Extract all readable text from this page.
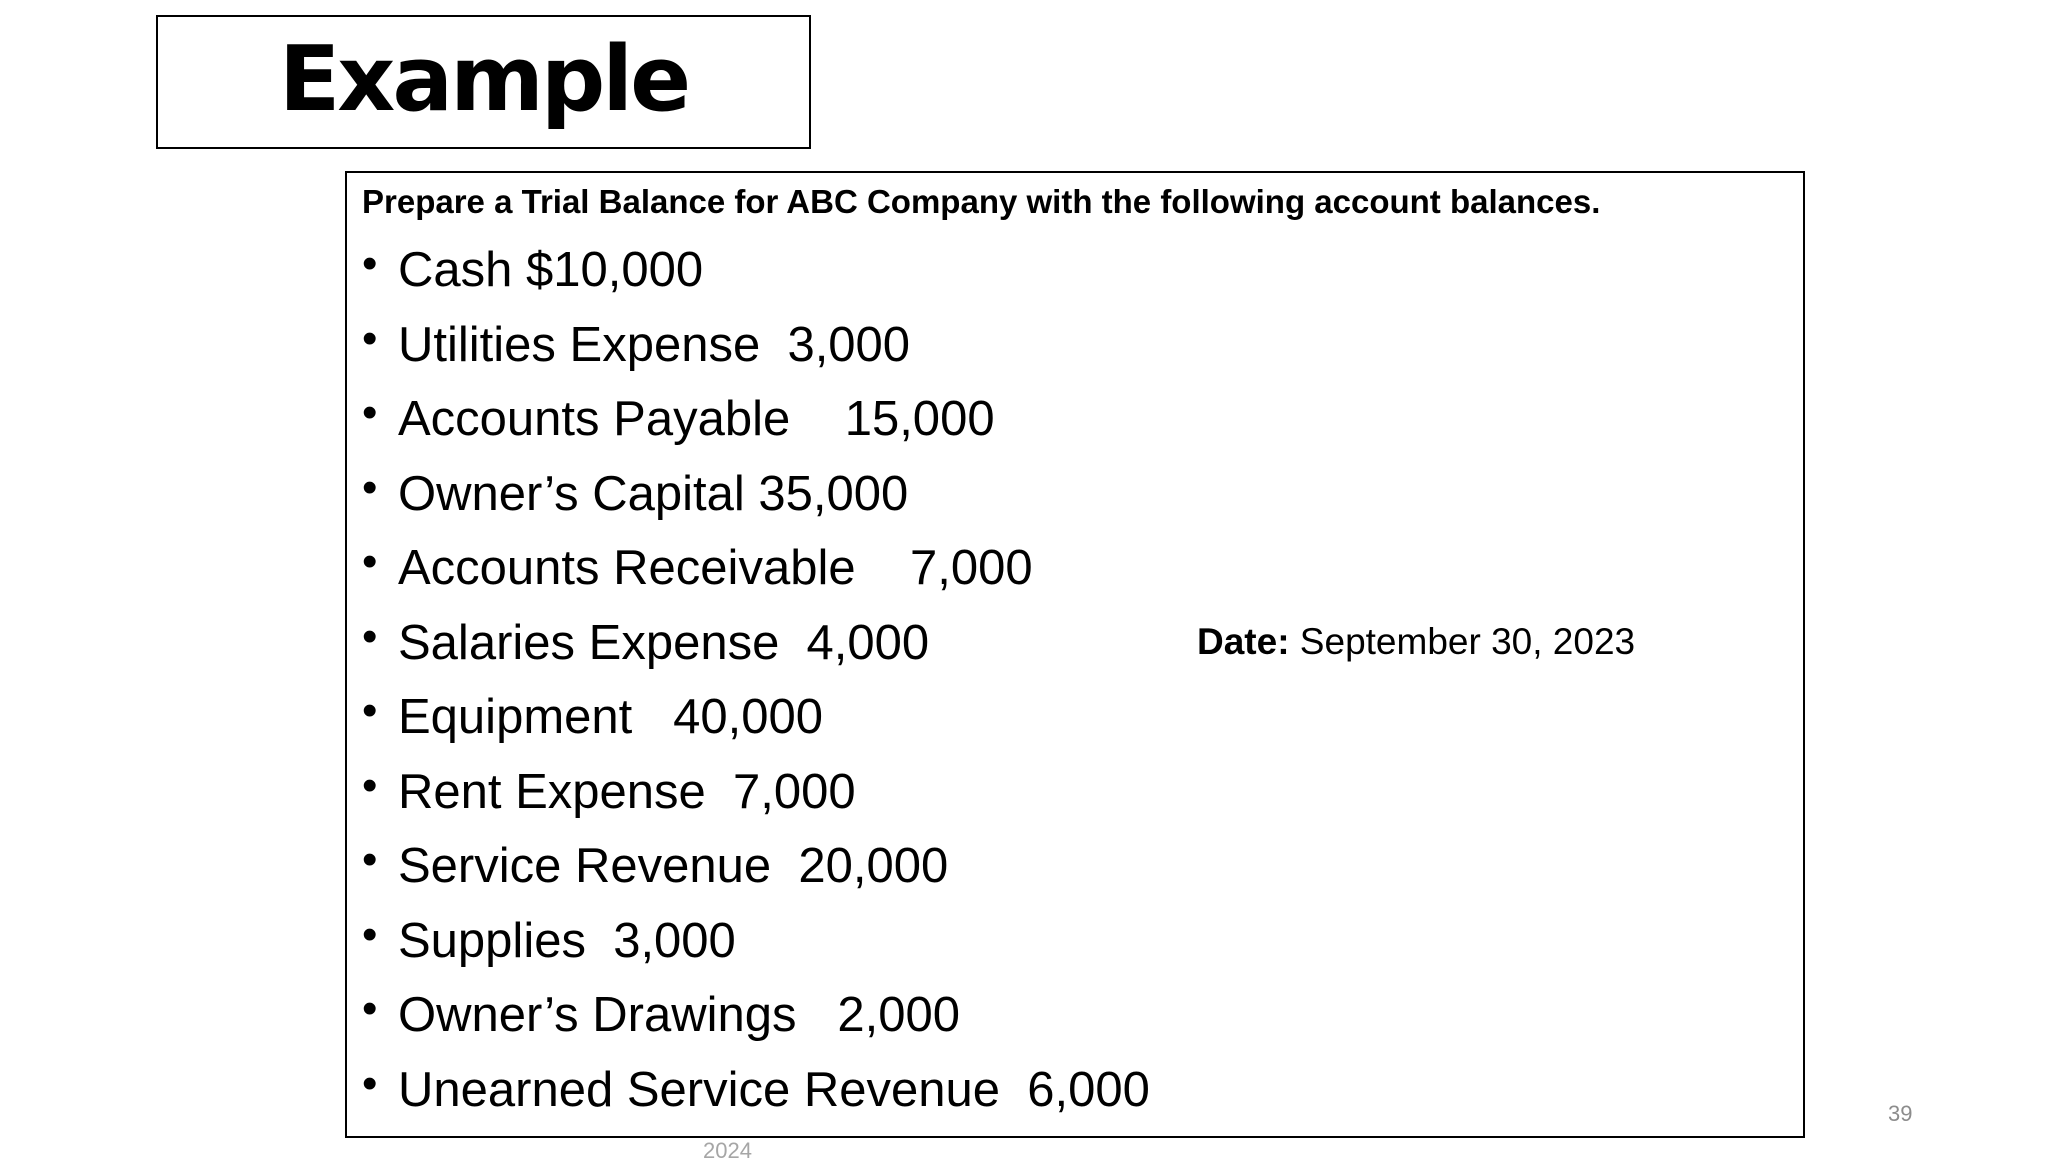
Example
Prepare a Trial Balance for ABC Company with the following account balances.
• Cash $10,000
• Utilities Expense  3,000
• Accounts Payable    15,000
• Owner’s Capital 35,000
• Accounts Receivable    7,000
• Salaries Expense  4,000
• Equipment   40,000
• Rent Expense  7,000
• Service Revenue  20,000
• Supplies  3,000
• Owner’s Drawings   2,000
• Unearned Service Revenue  6,000
Date: September 30, 2023
39
2024
